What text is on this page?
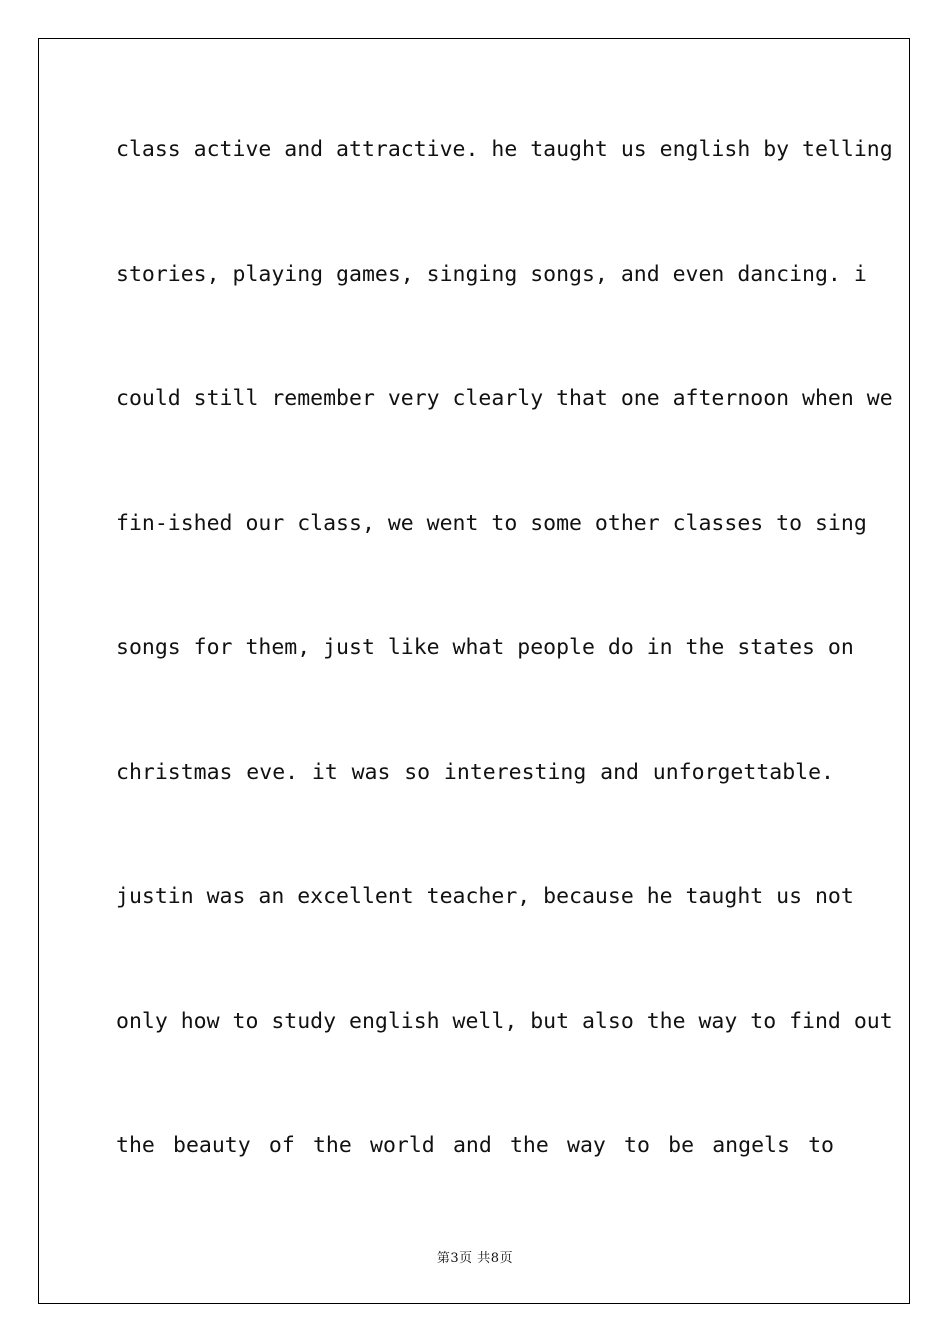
class active and attractive. he taught us english by telling
stories, playing games, singing songs, and even dancing. i
could still remember very clearly that one afternoon when we
fin-ished our class, we went to some other classes to sing
songs for them, just like what people do in the states on
christmas eve. it was so interesting and unforgettable.
justin was an excellent teacher, because he taught us not
only how to study english well, but also the way to find out
the beauty of the world and the way to be angels to
第3页 共8页
